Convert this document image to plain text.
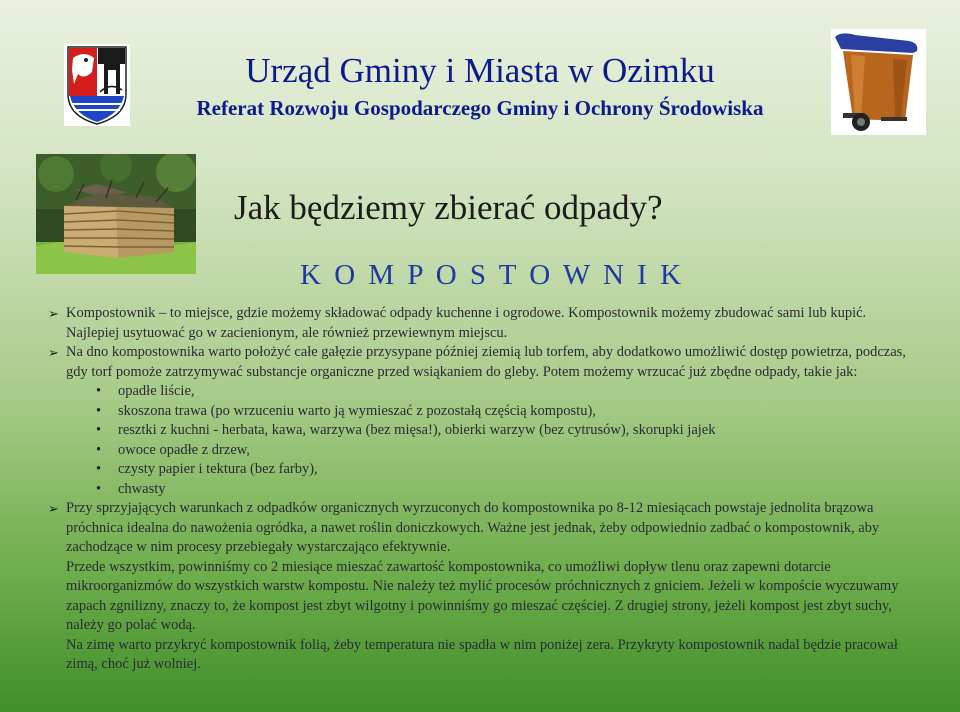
Urząd Gminy i Miasta w Ozimku
Referat Rozwoju Gospodarczego Gminy i Ochrony Środowiska
Jak będziemy zbierać odpady?
K O M P O S T O W N I K
➢ Kompostownik – to miejsce, gdzie możemy składować odpady kuchenne i ogrodowe. Kompostownik możemy zbudować sami lub kupić. Najlepiej usytuować go w zacienionym, ale również przewiewnym miejscu.
➢ Na dno kompostownika warto położyć całe gałęzie przysypane później ziemią lub torfem, aby dodatkowo umożliwić dostęp powietrza, podczas, gdy torf pomoże zatrzymywać substancje organiczne przed wsiąkaniem do gleby. Potem możemy wrzucać już zbędne odpady, takie jak:
• opadłe liście,
• skoszona trawa (po wrzuceniu warto ją wymieszać z pozostałą częścią kompostu),
• resztki z kuchni - herbata, kawa, warzywa (bez mięsa!), obierki warzyw (bez cytrusów), skorupki jajek
• owoce opadłe z drzew,
• czysty papier i tektura (bez farby),
• chwasty
➢ Przy sprzyjających warunkach z odpadków organicznych wyrzuconych do kompostownika po 8-12 miesiącach powstaje jednolita brązowa próchnica idealna do nawożenia ogródka, a nawet roślin doniczkowych. Ważne jest jednak, żeby odpowiednio zadbać o kompostownik, aby zachodzące w nim procesy przebiegały wystarczająco efektywnie.
Przede wszystkim, powinniśmy co 2 miesiące mieszać zawartość kompostownika, co umożliwi dopływ tlenu oraz zapewni dotarcie mikroorganizmów do wszystkich warstw kompostu. Nie należy też mylić procesów próchnicznych z gniciem. Jeżeli w kompoście wyczuwamy zapach zgnilizny, znaczy to, że kompost jest zbyt wilgotny i powinniśmy go mieszać częściej. Z drugiej strony, jeżeli kompost jest zbyt suchy, należy go polać wodą.
Na zimę warto przykryć kompostownik folią, żeby temperatura nie spadła w nim poniżej zera. Przykryty kompostownik nadal będzie pracował zimą, choć już wolniej.
